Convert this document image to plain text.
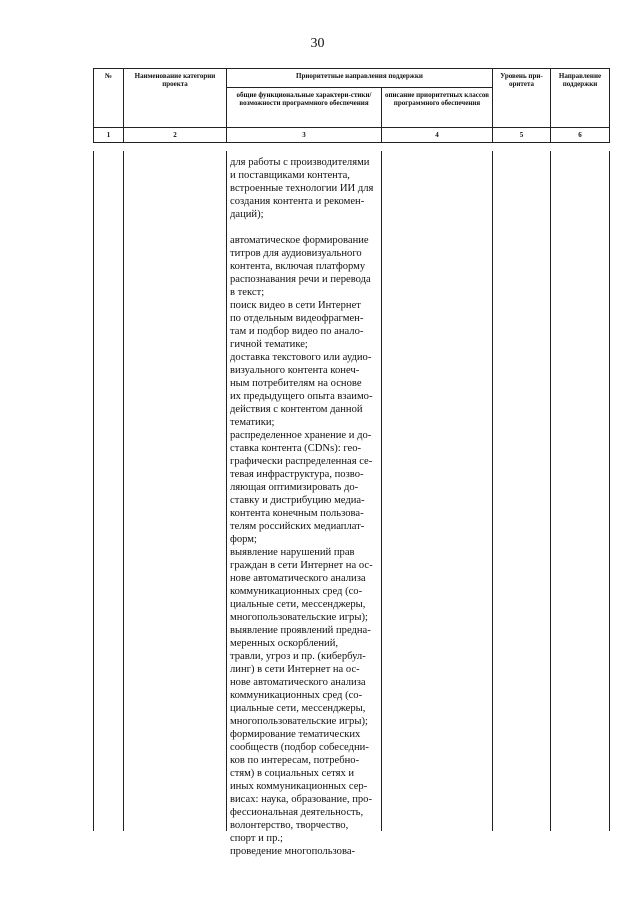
30
№	Наименование категории проекта	Приоритетные направления поддержки		Уровень при-оритета	Направление поддержки
		общие функциональные характери-стики/ возможности программного обеспечения	описание приоритетных классов программного обеспечения		
1	2	3	4	5	6

для работы с производителями
и поставщиками контента,
встроенные технологии ИИ для
создания контента и рекомен-
даций);

автоматическое формирование
титров для аудиовизуального
контента, включая платформу
распознавания речи и перевода
в текст;
поиск видео в сети Интернет
по отдельным видеофрагмен-
там и подбор видео по анало-
гичной тематике;
доставка текстового или аудио-
визуального контента конеч-
ным потребителям на основе
их предыдущего опыта взаимо-
действия с контентом данной
тематики;
распределенное хранение и до-
ставка контента (CDNs): гео-
графически распределенная се-
тевая инфраструктура, позво-
ляющая оптимизировать до-
ставку и дистрибуцию медиа-
контента конечным пользова-
телям российских медиаплат-
форм;
выявление нарушений прав
граждан в сети Интернет на ос-
нове автоматического анализа
коммуникационных сред (со-
циальные сети, мессенджеры,
многопользовательские игры);
выявление проявлений предна-
меренных оскорблений,
травли, угроз и пр. (кибербул-
линг) в сети Интернет на ос-
нове автоматического анализа
коммуникационных сред (со-
циальные сети, мессенджеры,
многопользовательские игры);
формирование тематических
сообществ (подбор собеседни-
ков по интересам, потребно-
стям) в социальных сетях и
иных коммуникационных сер-
висах: наука, образование, про-
фессиональная деятельность,
волонтерство, творчество,
спорт и пр.;
проведение многопользова-
